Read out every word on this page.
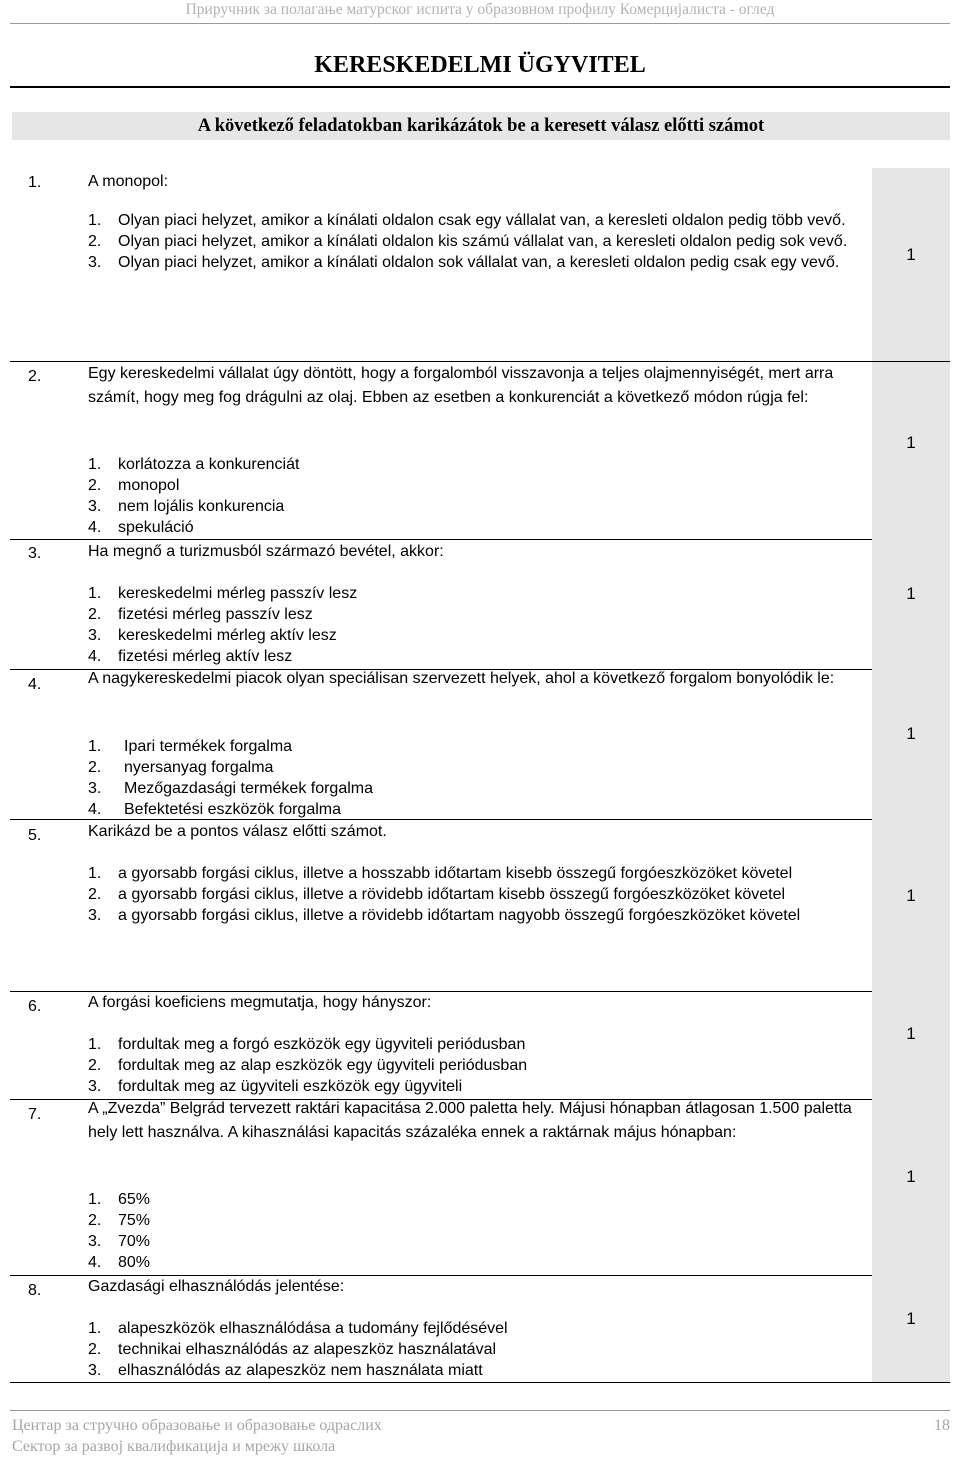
Приручник за полагање матурског испита у образовном профилу Комерцијалиста - оглед
KERESKEDELMI ÜGYVITEL
A következő feladatokban karikázátok be a keresett válasz előtti számot
1.	A monopol:
1. Olyan piaci helyzet, amikor a kínálati oldalon csak egy vállalat van, a keresleti oldalon pedig több vevő.
2. Olyan piaci helyzet, amikor a kínálati oldalon kis számú vállalat van, a keresleti oldalon pedig sok vevő.
3. Olyan piaci helyzet, amikor a kínálati oldalon sok vállalat van, a keresleti oldalon pedig csak egy vevő.	1
2.	Egy kereskedelmi vállalat úgy döntött, hogy a forgalomból visszavonja a teljes olajmennyiségét, mert arra számít, hogy meg fog drágulni az olaj. Ebben az esetben a konkurenciát a következő módon rúgja fel:
1. korlátozza a konkurenciát
2. monopol
3. nem lojális konkurencia
4. spekuláció
1
3.	Ha megnő a turizmusból származó bevétel, akkor:
1. kereskedelmi mérleg passzív lesz
2. fizetési mérleg passzív lesz
3. kereskedelmi mérleg aktív lesz
4. fizetési mérleg aktív lesz
1
4.	A nagykereskedelmi piacok olyan speciálisan szervezett helyek, ahol a következő forgalom bonyolódik le:
1. Ipari termékek forgalma
2. nyersanyag forgalma
3. Mezőgazdasági termékek forgalma
4. Befektetési eszközök forgalma
1
5.	Karikázd be a pontos válasz előtti számot.
1. a gyorsabb forgási ciklus, illetve a hosszabb időtartam kisebb összegű forgóeszközöket követel
2. a gyorsabb forgási ciklus, illetve a rövidebb időtartam kisebb összegű forgóeszközöket követel
3. a gyorsabb forgási ciklus, illetve a rövidebb időtartam nagyobb összegű forgóeszközöket követel
1
6.	A forgási koeficiens megmutatja, hogy hányszor:
1. fordultak meg a forgó eszközök egy ügyviteli periódusban
2. fordultak meg az alap eszközök egy ügyviteli periódusban
3. fordultak meg az ügyviteli eszközök egy ügyviteli
1
7.	A „Zvezda” Belgrád tervezett raktári kapacitása 2.000 paletta hely. Májusi hónapban átlagosan 1.500 paletta hely lett használva. A kihasználási kapacitás százaléka ennek a raktárnak május hónapban:
1. 65%
2. 75%
3. 70%
4. 80%
1
8.	Gazdasági elhasználódás jelentése:
1. alapeszközök elhasználódása a tudomány fejlődésével
2. technikai elhasználódás az alapeszköz használatával
3. elhasználódás az alapeszköz nem használata miatt
1
Центар за стручно образовање и образовање одраслих
Сектор за развој квалификација и мрежу школа
18
